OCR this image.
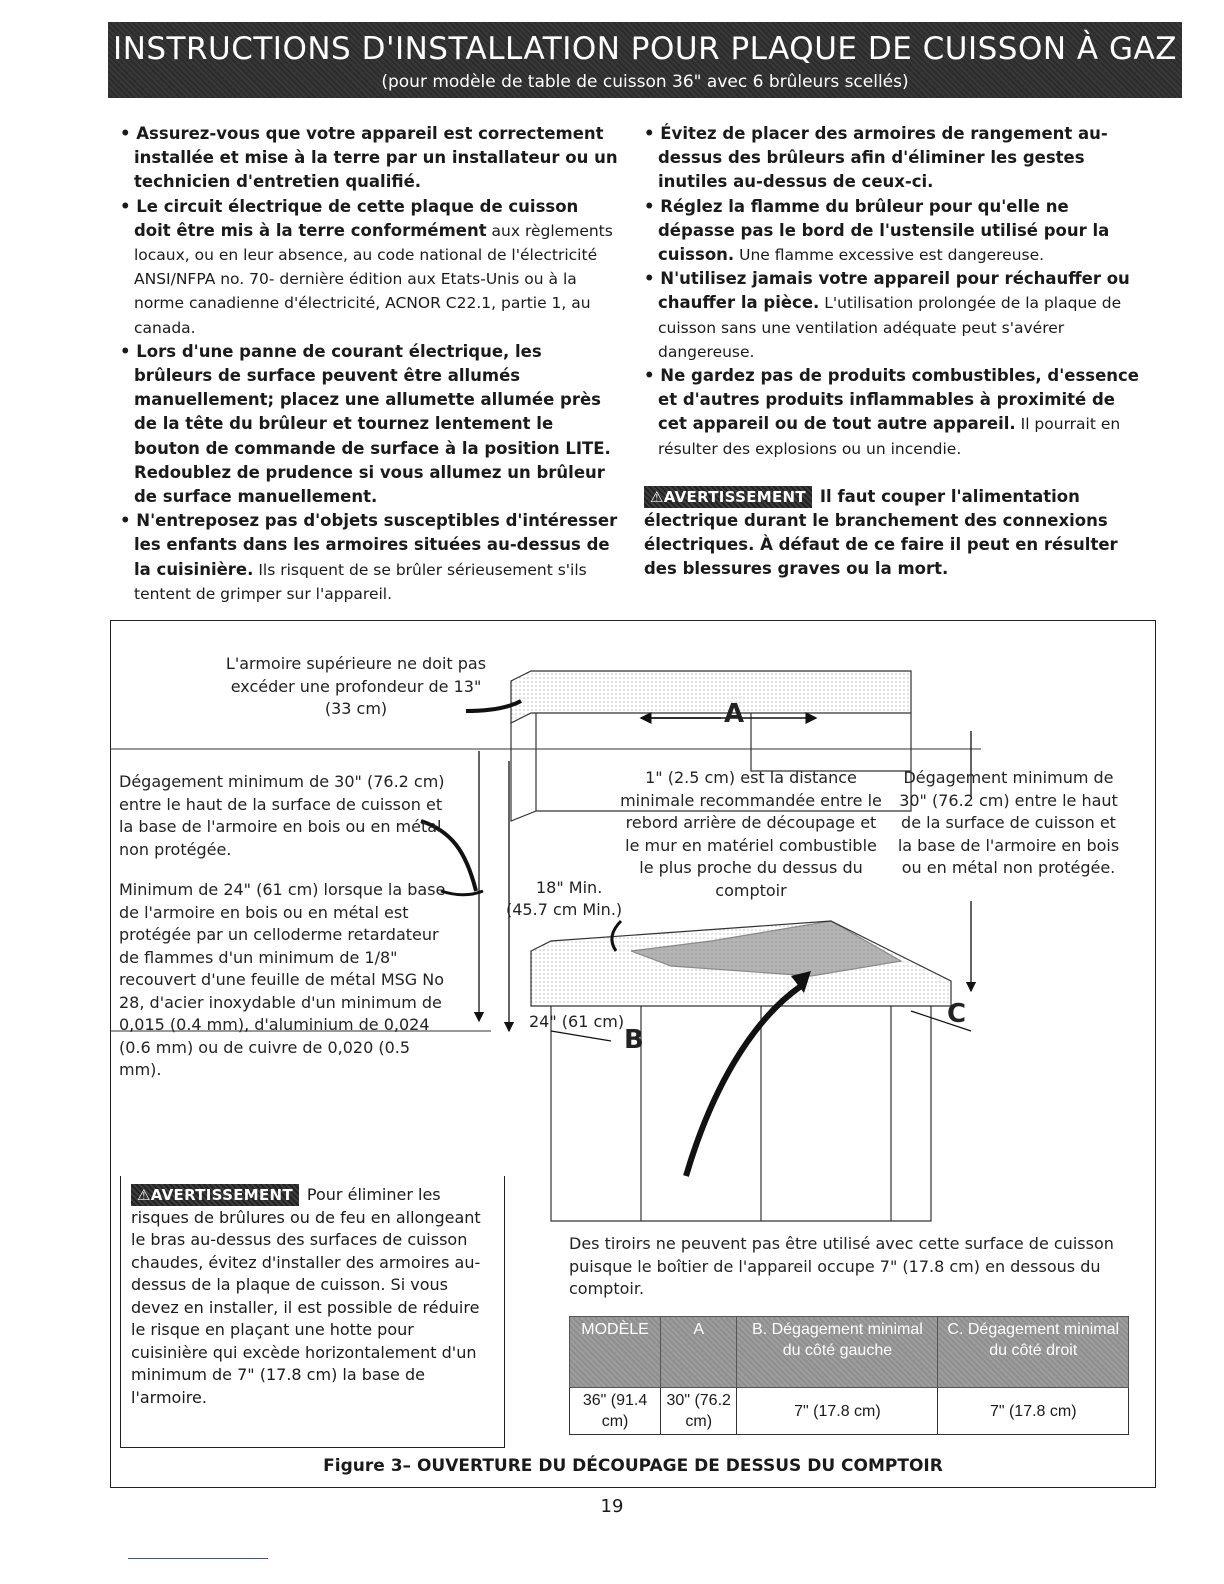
INSTRUCTIONS D'INSTALLATION POUR PLAQUE DE CUISSON À GAZ
(pour modèle de table de cuisson 36" avec 6 brûleurs scellés)

• Assurez-vous que votre appareil est correctement installée et mise à la terre par un installateur ou un technicien d'entretien qualifié.

• Le circuit électrique de cette plaque de cuisson doit être mis à la terre conformément aux règlements locaux, ou en leur absence, au code national de l'électricité ANSI/NFPA no. 70- dernière édition aux Etats-Unis ou à la norme canadienne d'électricité, ACNOR C22.1, partie 1, au canada.

• Lors d'une panne de courant électrique, les brûleurs de surface peuvent être allumés manuellement; placez une allumette allumée près de la tête du brûleur et tournez lentement le bouton de commande de surface à la position LITE. Redoublez de prudence si vous allumez un brûleur de surface manuellement.

• N'entreposez pas d'objets susceptibles d'intéresser les enfants dans les armoires situées au-dessus de la cuisinière. Ils risquent de se brûler sérieusement s'ils tentent de grimper sur l'appareil.

• Évitez de placer des armoires de rangement au-dessus des brûleurs afin d'éliminer les gestes inutiles au-dessus de ceux-ci.

• Réglez la flamme du brûleur pour qu'elle ne dépasse pas le bord de l'ustensile utilisé pour la cuisson. Une flamme excessive est dangereuse.

• N'utilisez jamais votre appareil pour réchauffer ou chauffer la pièce. L'utilisation prolongée de la plaque de cuisson sans une ventilation adéquate peut s'avérer dangereuse.

• Ne gardez pas de produits combustibles, d'essence et d'autres produits inflammables à proximité de cet appareil ou de tout autre appareil. Il pourrait en résulter des explosions ou un incendie.

⚠AVERTISSEMENT Il faut couper l'alimentation électrique durant le branchement des connexions électriques. À défaut de ce faire il peut en résulter des blessures graves ou la mort.
L'armoire supérieure ne doit pas excéder une profondeur de 13" (33 cm)
Dégagement minimum de 30" (76.2 cm) entre le haut de la surface de cuisson et la base de l'armoire en bois ou en métal non protégée.
Minimum de 24" (61 cm) lorsque la base de l'armoire en bois ou en métal est protégée par un celloderme retardateur de flammes d'un minimum de 1/8" recouvert d'une feuille de métal MSG No 28, d'acier inoxydable d'un minimum de 0,015 (0.4 mm), d'aluminium de 0,024 (0.6 mm) ou de cuivre de 0,020 (0.5 mm).
1" (2.5 cm) est la distance minimale recommandée entre le rebord arrière de découpage et le mur en matériel combustible le plus proche du dessus du comptoir
Dégagement minimum de 30" (76.2 cm) entre le haut de la surface de cuisson et la base de l'armoire en bois ou en métal non protégée.
18" Min.
(45.7 cm Min.)
24" (61 cm)
A
B
C
⚠AVERTISSEMENT Pour éliminer les risques de brûlures ou de feu en allongeant le bras au-dessus des surfaces de cuisson chaudes, évitez d'installer des armoires au-dessus de la plaque de cuisson. Si vous devez en installer, il est possible de réduire le risque en plaçant une hotte pour cuisinière qui excède horizontalement d'un minimum de 7" (17.8 cm) la base de l'armoire.
Des tiroirs ne peuvent pas être utilisé avec cette surface de cuisson puisque le boîtier de l'appareil occupe 7" (17.8 cm) en dessous du comptoir.
MODÈLE	A	B. Dégagement minimal du côté gauche	C. Dégagement minimal du côté droit
36" (91.4 cm)	30" (76.2 cm)	7" (17.8 cm)	7" (17.8 cm)
Figure 3– OUVERTURE DU DÉCOUPAGE DE DESSUS DU COMPTOIR
19
